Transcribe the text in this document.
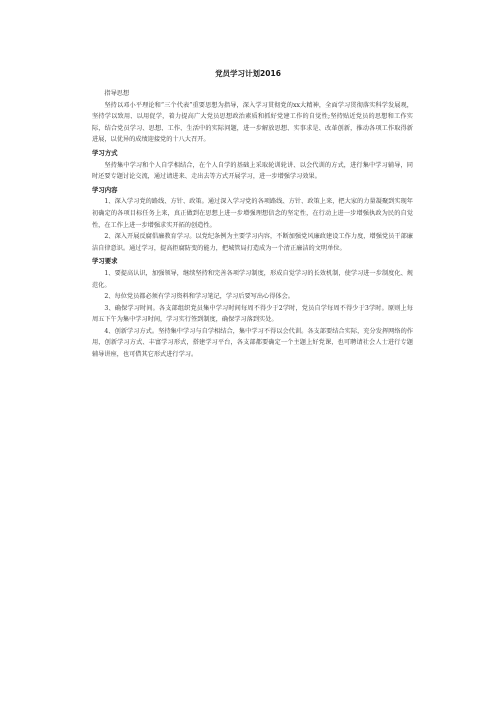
党员学习计划2016

指导思想

坚持以邓小平理论和“三个代表”重要思想为指导，深入学习贯彻党的xx大精神，全面学习贯彻落实科学发展观，坚持学以致用、以用促学，着力提高广大党员思想政治素质和抓好党建工作的自觉性;坚持贴近党员的思想和工作实际，结合党员学习、思想、工作、生活中的实际问题，进一步解放思想、实事求是、改革创新，推动各项工作取得新进展，以优异的成绩迎接党的十八大召开。

学习方式

坚持集中学习和个人自学相结合，在个人自学的基础上采取轮训轮讲、以会代训的方式，进行集中学习辅导，同时还要专题讨论交流，通过请进来、走出去等方式开展学习，进一步增强学习效果。

学习内容

1、深入学习党的路线、方针、政策。通过深入学习党的各项路线、方针、政策上来，把大家的力量凝聚到实现年初确定的各项目标任务上来，真正做到在思想上进一步增强理想信念的坚定性，在行动上进一步增强执政为民的自觉性，在工作上进一步增强求实开拓的创造性。

2、深入开展反腐倡廉教育学习。以党纪条例为主要学习内容，不断加强党风廉政建设工作力度，增强党员干部廉洁自律意识。通过学习，提高拒腐防变的能力，把城管局打造成为一个清正廉洁的文明单位。

学习要求

1、要提高认识，加强领导，继续坚持和完善各项学习制度，形成自觉学习的长效机制，使学习进一步制度化、规范化。

2、每位党员都必须有学习资料和学习笔记，学习后要写出心得体会。

3、确保学习时间。各支部组织党员集中学习时间每周不得少于2学时，党员自学每周不得少于3学时。原则上每周五下午为集中学习时间，学习实行签到制度，确保学习落到实处。

4、创新学习方式。坚持集中学习与自学相结合，集中学习不得以会代训。各支部要结合实际，充分发挥网络的作用，创新学习方式、丰富学习形式，搭建学习平台，各支部都要确定一个主题上好党课，也可聘请社会人士进行专题辅导讲座，也可借其它形式进行学习。
